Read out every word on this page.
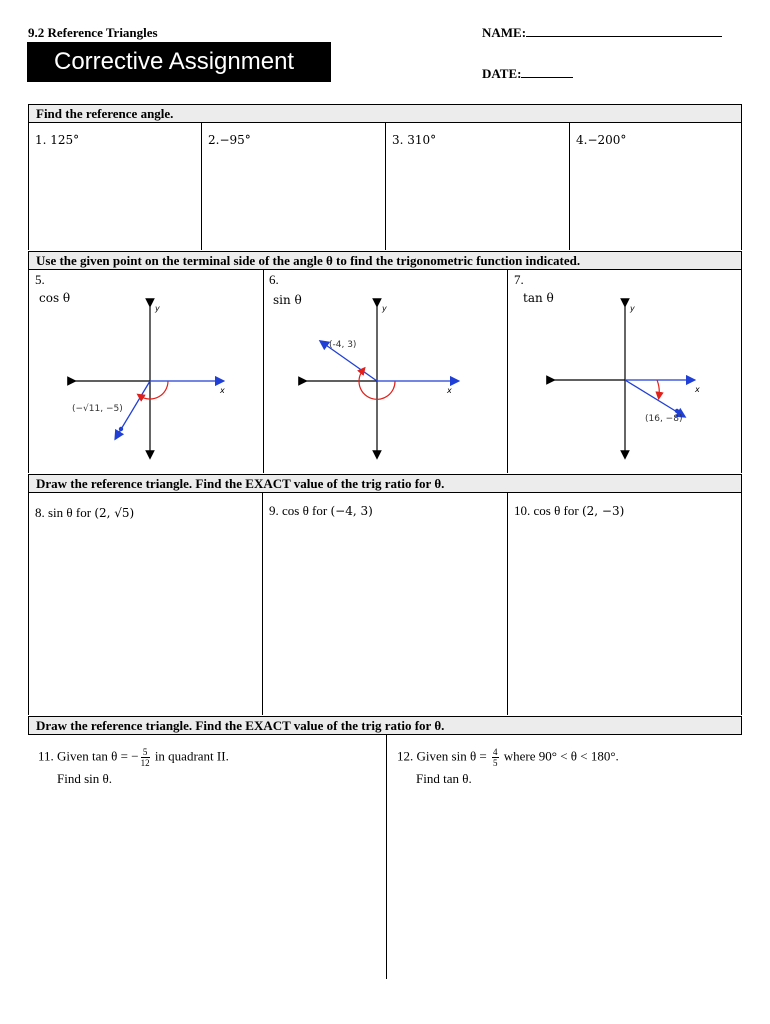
9.2 Reference Triangles
Corrective Assignment
NAME:
DATE:
Find the reference angle.
1. 125°	2.−95°	3. 310°	4.−200°
Use the given point on the terminal side of the angle θ to find the trigonometric function indicated.
5.
cos θ
6.
sin θ
7.
tan θ
y
x
(−√11, −5)
y
x
(-4, 3)
y
x
(16, −8)
Draw the reference triangle. Find the EXACT value of the trig ratio for θ.
8. sin θ for (2, √5)	9. cos θ for (−4, 3)	10. cos θ for (2, −3)
Draw the reference triangle. Find the EXACT value of the trig ratio for θ.
11. Given tan θ = − $\frac{5}{12}$ in quadrant II.
Find sin θ.
12. Given $\sin \theta = \frac{4}{5}$ where 90° < θ < 180°.
Find tan θ.
